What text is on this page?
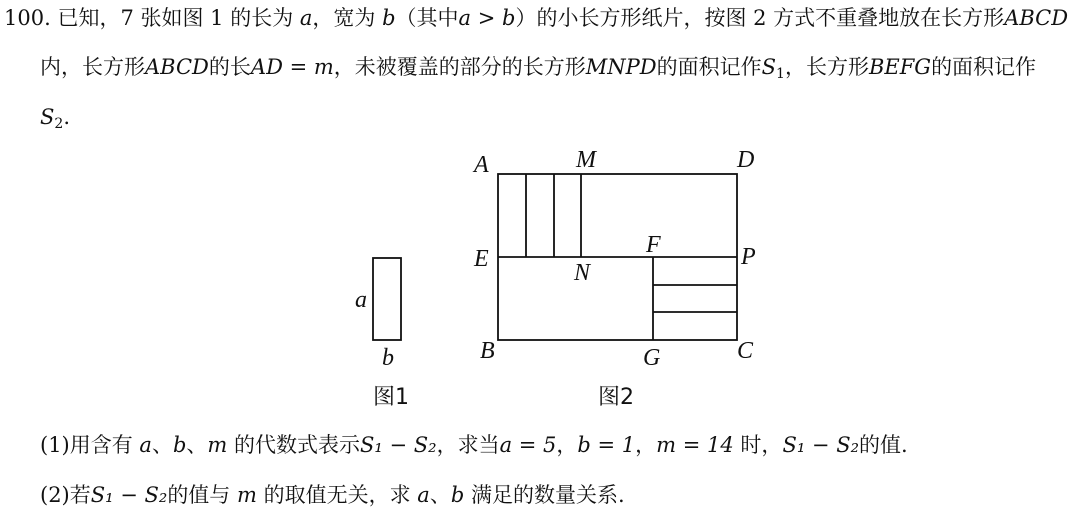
100. 已知，7 张如图 1 的长为 a，宽为 b（其中a > b）的小长方形纸片，按图 2 方式不重叠地放在长方形ABCD
内，长方形ABCD的长AD = m，未被覆盖的部分的长方形MNPD的面积记作$S_1$，长方形BEFG的面积记作
$S_2$.
a
b
图1
A	M	D
E
N
F	P
B	G	C
图2
(1)用含有 a、b、m 的代数式表示S₁ − S₂，求当a = 5，b = 1，m = 14 时，S₁ − S₂的值.
(2)若S₁ − S₂的值与 m 的取值无关，求 a、b 满足的数量关系.
